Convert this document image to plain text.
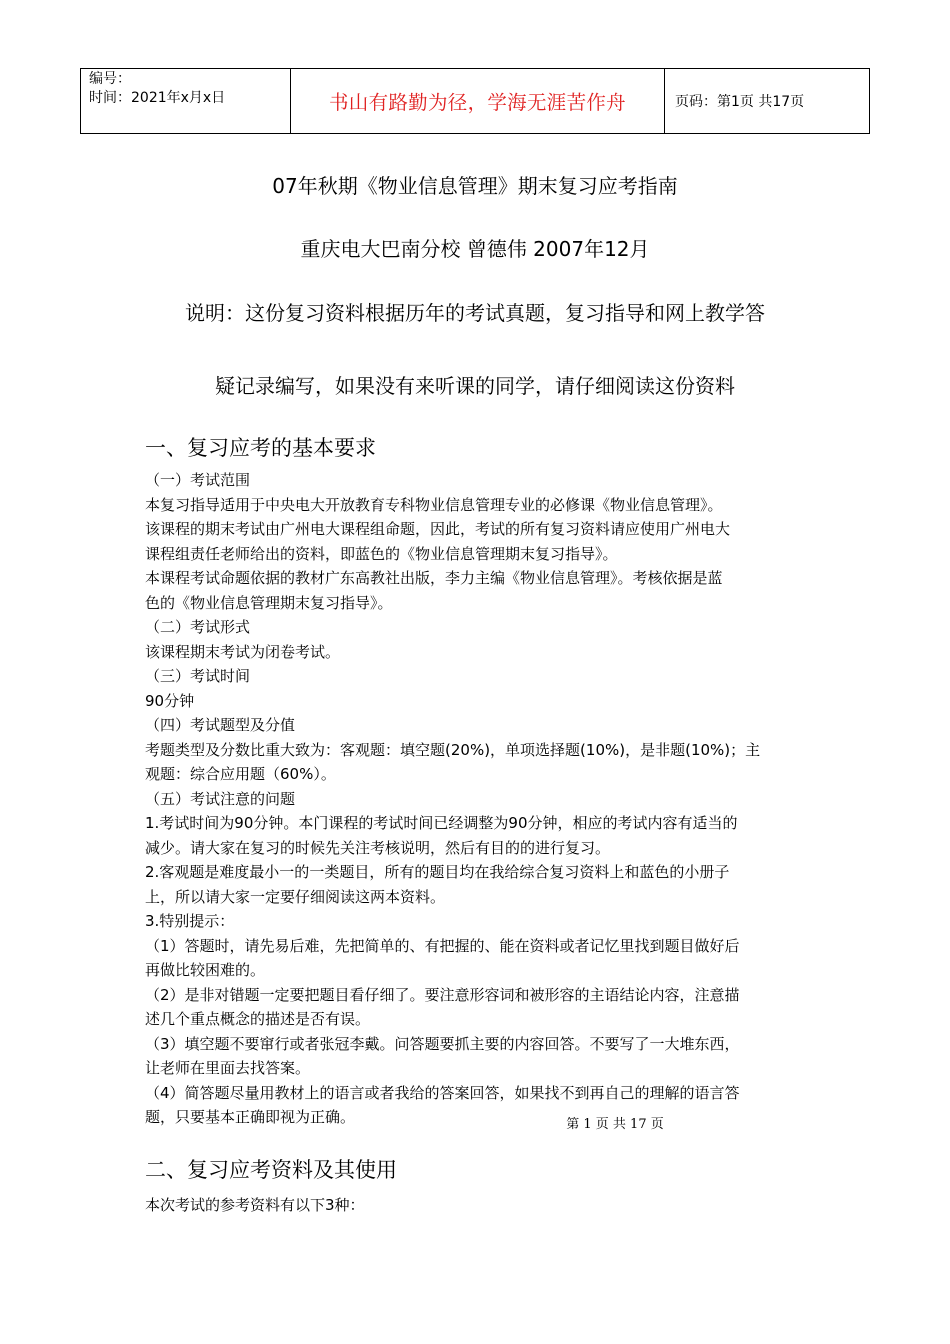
编号：
时间：2021年x月x日	书山有路勤为径，学海无涯苦作舟	页码：第1页 共17页
07年秋期《物业信息管理》期末复习应考指南
重庆电大巴南分校 曾德伟 2007年12月
说明：这份复习资料根据历年的考试真题，复习指导和网上教学答
疑记录编写，如果没有来听课的同学，请仔细阅读这份资料
一、复习应考的基本要求
（一）考试范围
本复习指导适用于中央电大开放教育专科物业信息管理专业的必修课《物业信息管理》。
该课程的期末考试由广州电大课程组命题，因此，考试的所有复习资料请应使用广州电大
课程组责任老师给出的资料，即蓝色的《物业信息管理期末复习指导》。
本课程考试命题依据的教材广东高教社出版，李力主编《物业信息管理》。考核依据是蓝
色的《物业信息管理期末复习指导》。
（二）考试形式
该课程期末考试为闭卷考试。
（三）考试时间
90分钟
（四）考试题型及分值
考题类型及分数比重大致为：客观题：填空题(20%)，单项选择题(10%)，是非题(10%)；主
观题：综合应用题（60%）。
（五）考试注意的问题
1.考试时间为90分钟。本门课程的考试时间已经调整为90分钟，相应的考试内容有适当的
减少。请大家在复习的时候先关注考核说明，然后有目的的进行复习。
2.客观题是难度最小一的一类题目，所有的题目均在我给综合复习资料上和蓝色的小册子
上，所以请大家一定要仔细阅读这两本资料。
3.特别提示：
（1）答题时，请先易后难，先把简单的、有把握的、能在资料或者记忆里找到题目做好后
再做比较困难的。
（2）是非对错题一定要把题目看仔细了。要注意形容词和被形容的主语结论内容，注意描
述几个重点概念的描述是否有误。
（3）填空题不要窜行或者张冠李戴。问答题要抓主要的内容回答。不要写了一大堆东西，
让老师在里面去找答案。
（4）简答题尽量用教材上的语言或者我给的答案回答，如果找不到再自己的理解的语言答
题，只要基本正确即视为正确。	第 1 页 共 17 页
二、复习应考资料及其使用
本次考试的参考资料有以下3种：
